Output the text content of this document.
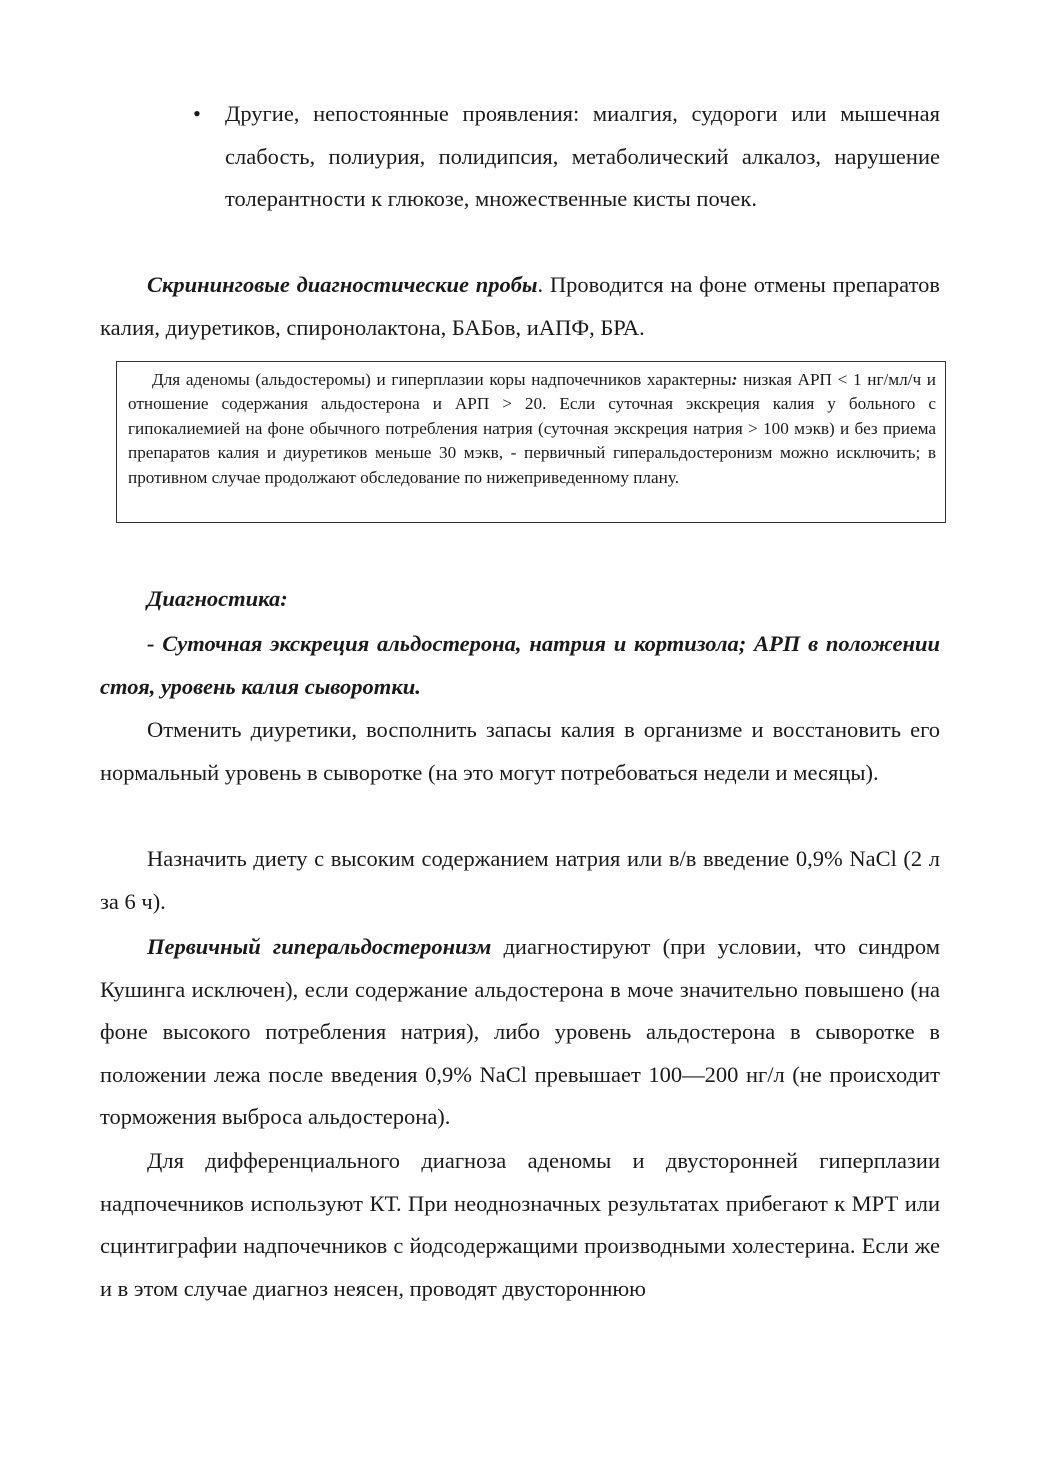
• Другие, непостоянные проявления: миалгия, судороги или мышечная слабость, полиурия, полидипсия, метаболический алкалоз, нарушение толерантности к глюкозе, множественные кисты почек.

Скрининговые диагностические пробы. Проводится на фоне отмены препаратов калия, диуретиков, спиронолактона, БАБов, иАПФ, БРА.

Для аденомы (альдостеромы) и гиперплазии коры надпочечников характерны: низкая АРП < 1 нг/мл/ч и отношение содержания альдостерона и АРП > 20. Если суточная экскреция калия у больного с гипокалиемией на фоне обычного потребления натрия (суточная экскреция натрия > 100 мэкв) и без приема препаратов калия и диуретиков меньше 30 мэкв, - первичный гиперальдостеронизм можно исключить; в противном случае продолжают обследование по нижеприведенному плану.

Диагностика:

- Суточная экскреция альдостерона, натрия и кортизола; АРП в положении стоя, уровень калия сыворотки.

Отменить диуретики, восполнить запасы калия в организме и восстановить его нормальный уровень в сыворотке (на это могут потребоваться недели и месяцы).

Назначить диету с высоким содержанием натрия или в/в введение 0,9% NaCl (2 л за 6 ч).

Первичный гиперальдостеронизм диагностируют (при условии, что синдром Кушинга исключен), если содержание альдостерона в моче значительно повышено (на фоне высокого потребления натрия), либо уровень альдостерона в сыворотке в положении лежа после введения 0,9% NaCl превышает 100—200 нг/л (не происходит торможения выброса альдостерона).

Для дифференциального диагноза аденомы и двусторонней гиперплазии надпочечников используют КТ. При неоднозначных результатах прибегают к МРТ или сцинтиграфии надпочечников с йодсодержащими производными холестерина. Если же и в этом случае диагноз неясен, проводят двустороннюю
